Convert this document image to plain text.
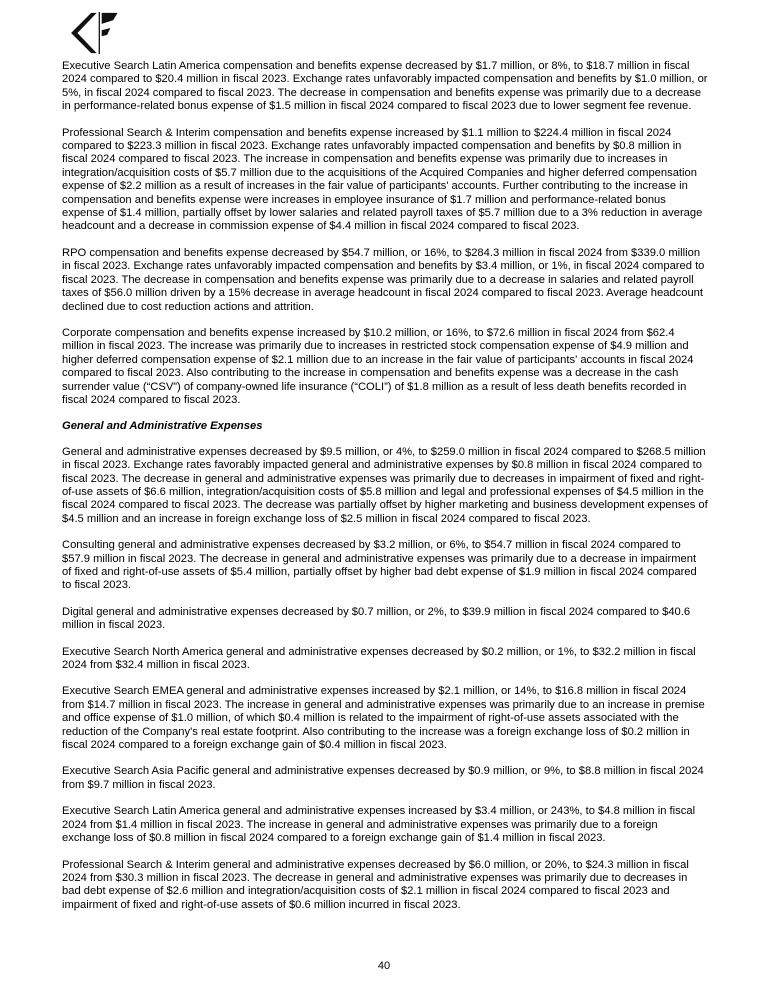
Executive Search Latin America compensation and benefits expense decreased by $1.7 million, or 8%, to $18.7 million in fiscal 2024 compared to $20.4 million in fiscal 2023. Exchange rates unfavorably impacted compensation and benefits by $1.0 million, or 5%, in fiscal 2024 compared to fiscal 2023. The decrease in compensation and benefits expense was primarily due to a decrease in performance-related bonus expense of $1.5 million in fiscal 2024 compared to fiscal 2023 due to lower segment fee revenue.

Professional Search & Interim compensation and benefits expense increased by $1.1 million to $224.4 million in fiscal 2024 compared to $223.3 million in fiscal 2023. Exchange rates unfavorably impacted compensation and benefits by $0.8 million in fiscal 2024 compared to fiscal 2023. The increase in compensation and benefits expense was primarily due to increases in integration/acquisition costs of $5.7 million due to the acquisitions of the Acquired Companies and higher deferred compensation expense of $2.2 million as a result of increases in the fair value of participants' accounts. Further contributing to the increase in compensation and benefits expense were increases in employee insurance of $1.7 million and performance-related bonus expense of $1.4 million, partially offset by lower salaries and related payroll taxes of $5.7 million due to a 3% reduction in average headcount and a decrease in commission expense of $4.4 million in fiscal 2024 compared to fiscal 2023.

RPO compensation and benefits expense decreased by $54.7 million, or 16%, to $284.3 million in fiscal 2024 from $339.0 million in fiscal 2023. Exchange rates unfavorably impacted compensation and benefits by $3.4 million, or 1%, in fiscal 2024 compared to fiscal 2023. The decrease in compensation and benefits expense was primarily due to a decrease in salaries and related payroll taxes of $56.0 million driven by a 15% decrease in average headcount in fiscal 2024 compared to fiscal 2023. Average headcount declined due to cost reduction actions and attrition.

Corporate compensation and benefits expense increased by $10.2 million, or 16%, to $72.6 million in fiscal 2024 from $62.4 million in fiscal 2023. The increase was primarily due to increases in restricted stock compensation expense of $4.9 million and higher deferred compensation expense of $2.1 million due to an increase in the fair value of participants' accounts in fiscal 2024 compared to fiscal 2023. Also contributing to the increase in compensation and benefits expense was a decrease in the cash surrender value (“CSV”) of company-owned life insurance (“COLI”) of $1.8 million as a result of less death benefits recorded in fiscal 2024 compared to fiscal 2023.

General and Administrative Expenses

General and administrative expenses decreased by $9.5 million, or 4%, to $259.0 million in fiscal 2024 compared to $268.5 million in fiscal 2023. Exchange rates favorably impacted general and administrative expenses by $0.8 million in fiscal 2024 compared to fiscal 2023. The decrease in general and administrative expenses was primarily due to decreases in impairment of fixed and right-of-use assets of $6.6 million, integration/acquisition costs of $5.8 million and legal and professional expenses of $4.5 million in the fiscal 2024 compared to fiscal 2023. The decrease was partially offset by higher marketing and business development expenses of $4.5 million and an increase in foreign exchange loss of $2.5 million in fiscal 2024 compared to fiscal 2023.

Consulting general and administrative expenses decreased by $3.2 million, or 6%, to $54.7 million in fiscal 2024 compared to $57.9 million in fiscal 2023. The decrease in general and administrative expenses was primarily due to a decrease in impairment of fixed and right-of-use assets of $5.4 million, partially offset by higher bad debt expense of $1.9 million in fiscal 2024 compared to fiscal 2023.

Digital general and administrative expenses decreased by $0.7 million, or 2%, to $39.9 million in fiscal 2024 compared to $40.6 million in fiscal 2023.

Executive Search North America general and administrative expenses decreased by $0.2 million, or 1%, to $32.2 million in fiscal 2024 from $32.4 million in fiscal 2023.

Executive Search EMEA general and administrative expenses increased by $2.1 million, or 14%, to $16.8 million in fiscal 2024 from $14.7 million in fiscal 2023. The increase in general and administrative expenses was primarily due to an increase in premise and office expense of $1.0 million, of which $0.4 million is related to the impairment of right-of-use assets associated with the reduction of the Company's real estate footprint. Also contributing to the increase was a foreign exchange loss of $0.2 million in fiscal 2024 compared to a foreign exchange gain of $0.4 million in fiscal 2023.

Executive Search Asia Pacific general and administrative expenses decreased by $0.9 million, or 9%, to $8.8 million in fiscal 2024 from $9.7 million in fiscal 2023.

Executive Search Latin America general and administrative expenses increased by $3.4 million, or 243%, to $4.8 million in fiscal 2024 from $1.4 million in fiscal 2023. The increase in general and administrative expenses was primarily due to a foreign exchange loss of $0.8 million in fiscal 2024 compared to a foreign exchange gain of $1.4 million in fiscal 2023.

Professional Search & Interim general and administrative expenses decreased by $6.0 million, or 20%, to $24.3 million in fiscal 2024 from $30.3 million in fiscal 2023. The decrease in general and administrative expenses was primarily due to decreases in bad debt expense of $2.6 million and integration/acquisition costs of $2.1 million in fiscal 2024 compared to fiscal 2023 and impairment of fixed and right-of-use assets of $0.6 million incurred in fiscal 2023.

40
